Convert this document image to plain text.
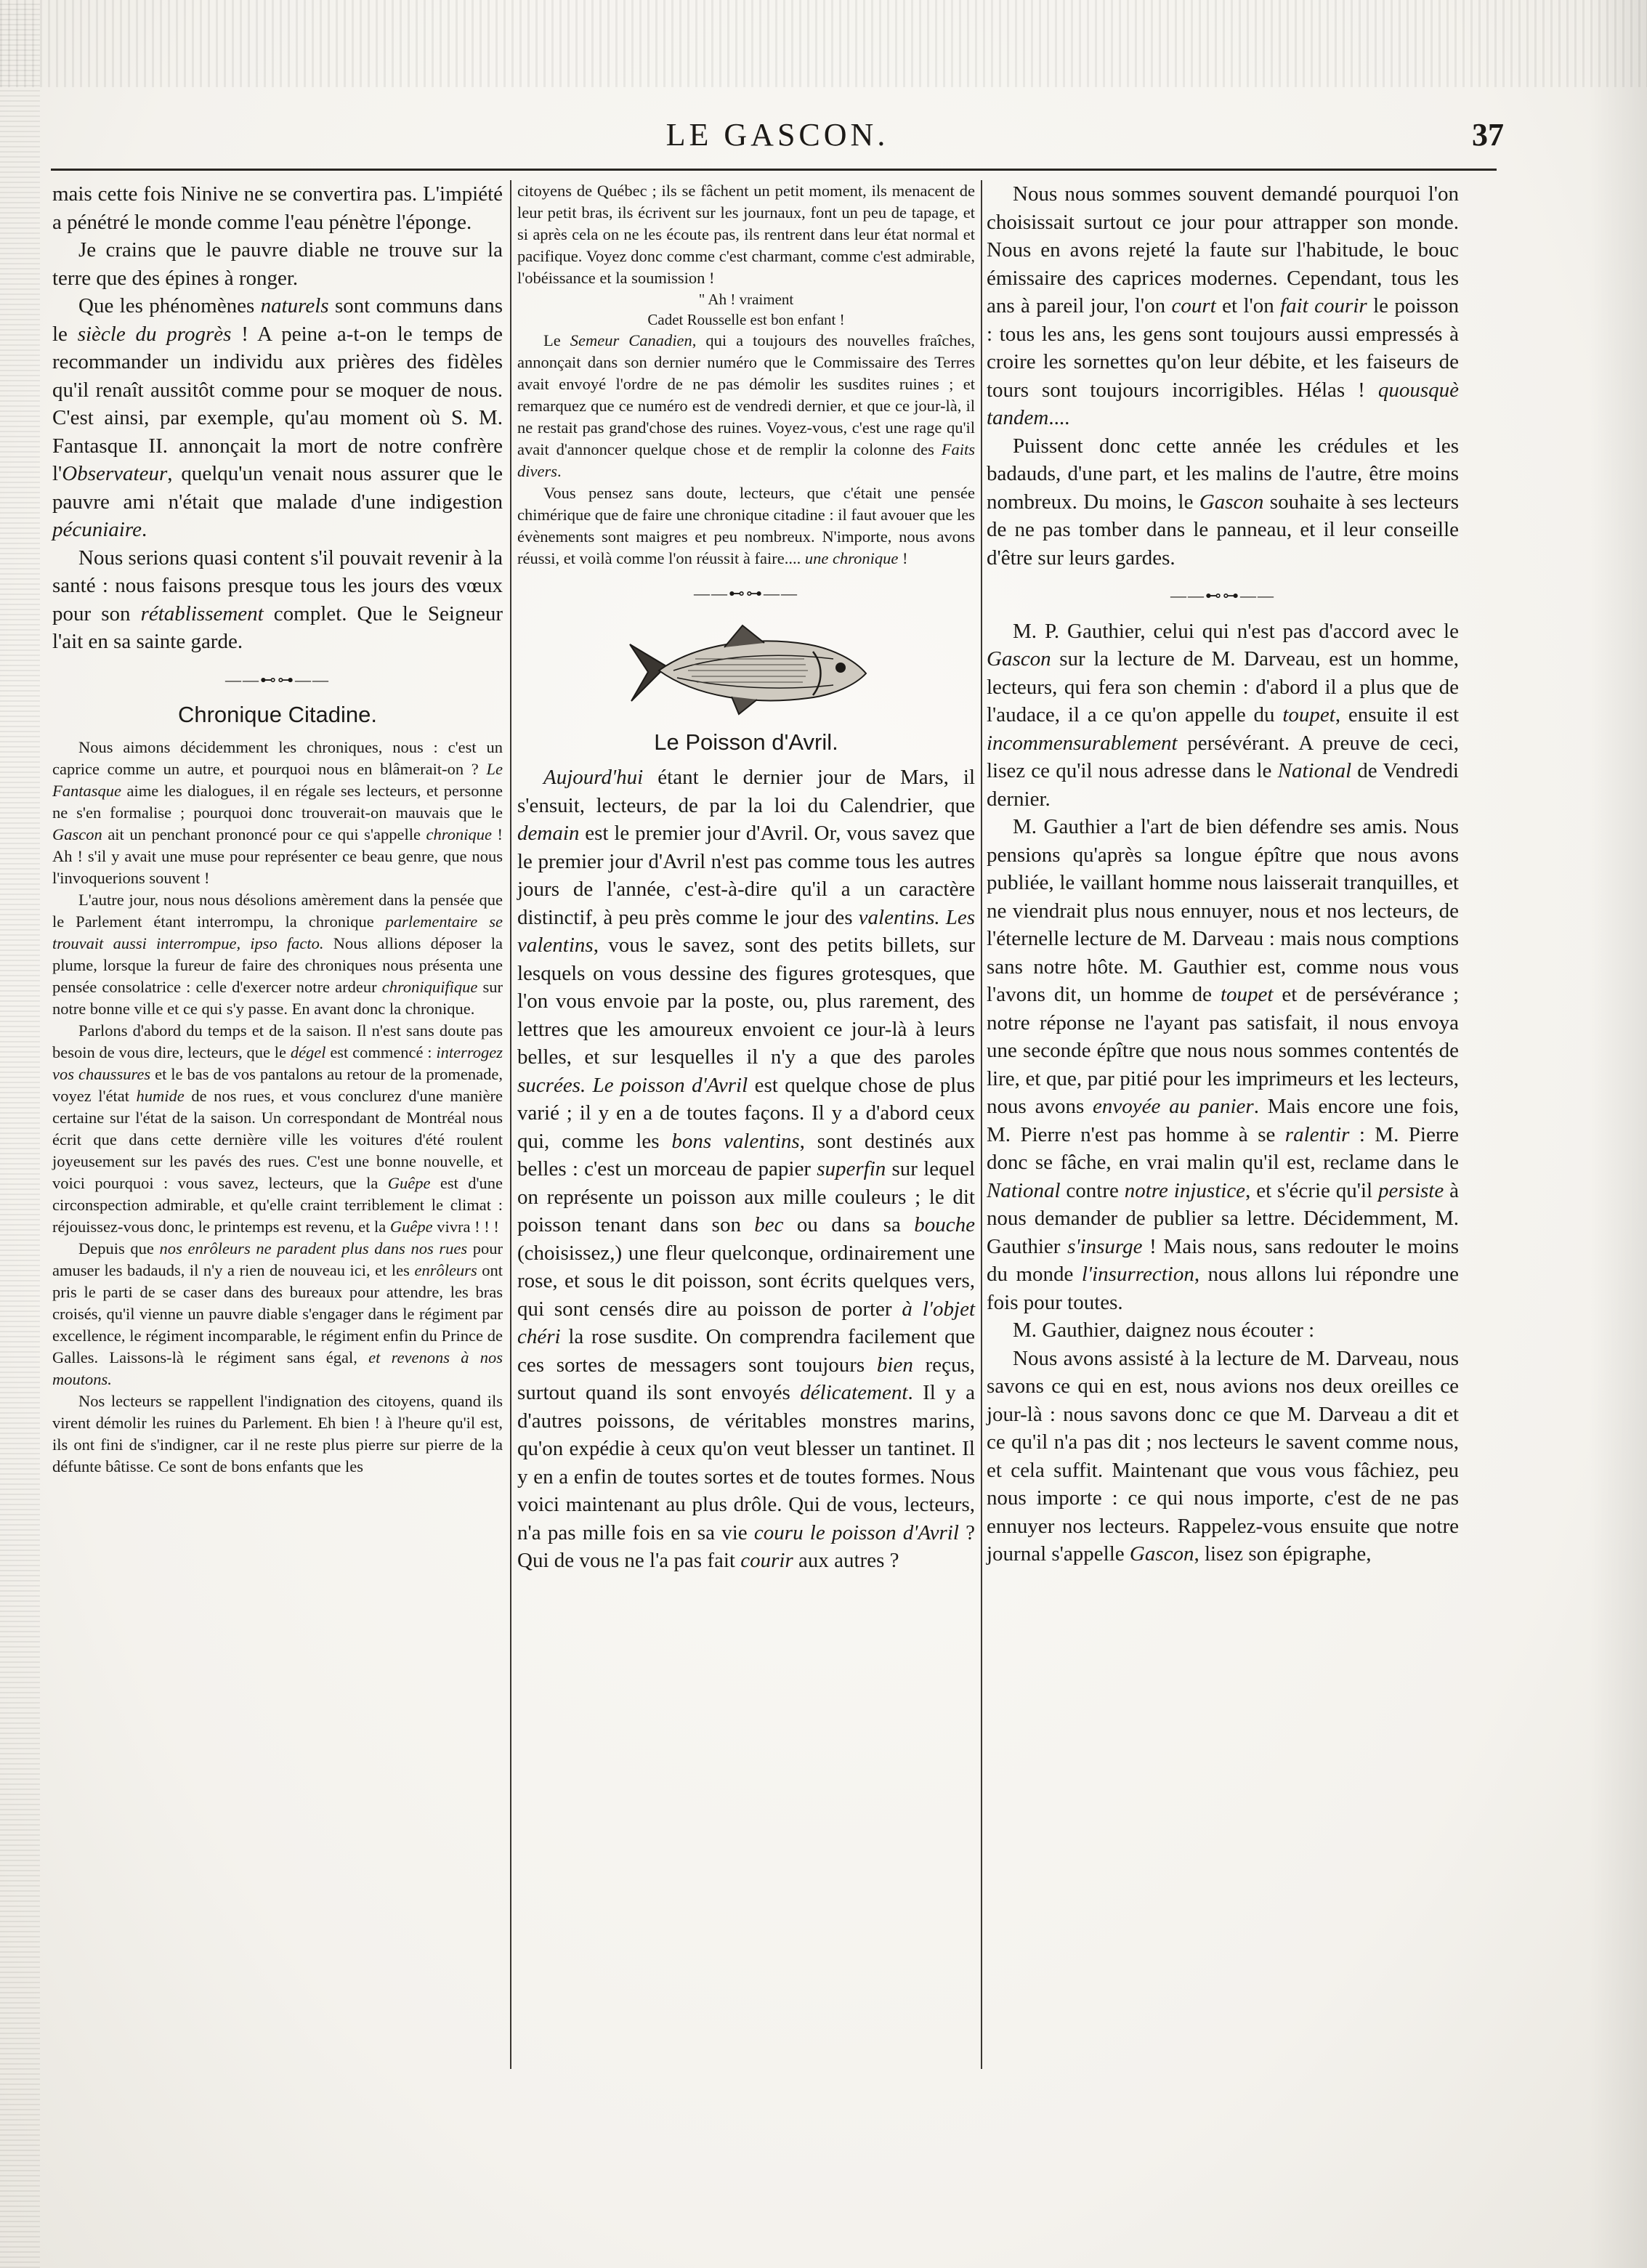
LE GASCON.	37

mais cette fois Ninive ne se convertira pas. L'impiété a pénétré le monde comme l'eau pénètre l'éponge.

Je crains que le pauvre diable ne trouve sur la terre que des épines à ronger.

Que les phénomènes naturels sont communs dans le siècle du progrès ! A peine a-t-on le temps de recommander un individu aux prières des fidèles qu'il renaît aussitôt comme pour se moquer de nous. C'est ainsi, par exemple, qu'au moment où S. M. Fantasque II. annonçait la mort de notre confrère l'Observateur, quelqu'un venait nous assurer que le pauvre ami n'était que malade d'une indigestion pécuniaire.

Nous serions quasi content s'il pouvait revenir à la santé : nous faisons presque tous les jours des vœux pour son rétablissement complet. Que le Seigneur l'ait en sa sainte garde.

——⊷⊶——
Chronique Citadine.

Nous aimons décidemment les chroniques, nous : c'est un caprice comme un autre, et pourquoi nous en blâmerait-on ? Le Fantasque aime les dialogues, il en régale ses lecteurs, et personne ne s'en formalise ; pourquoi donc trouverait-on mauvais que le Gascon ait un penchant prononcé pour ce qui s'appelle chronique ! Ah ! s'il y avait une muse pour représenter ce beau genre, que nous l'invoquerions souvent !

L'autre jour, nous nous désolions amèrement dans la pensée que le Parlement étant interrompu, la chronique parlementaire se trouvait aussi interrompue, ipso facto. Nous allions déposer la plume, lorsque la fureur de faire des chroniques nous présenta une pensée consolatrice : celle d'exercer notre ardeur chroniquifique sur notre bonne ville et ce qui s'y passe. En avant donc la chronique.

Parlons d'abord du temps et de la saison. Il n'est sans doute pas besoin de vous dire, lecteurs, que le dégel est commencé : interrogez vos chaussures et le bas de vos pantalons au retour de la promenade, voyez l'état humide de nos rues, et vous conclurez d'une manière certaine sur l'état de la saison. Un correspondant de Montréal nous écrit que dans cette dernière ville les voitures d'été roulent joyeusement sur les pavés des rues. C'est une bonne nouvelle, et voici pourquoi : vous savez, lecteurs, que la Guêpe est d'une circonspection admirable, et qu'elle craint terriblement le climat : réjouissez-vous donc, le printemps est revenu, et la Guêpe vivra ! ! !

Depuis que nos enrôleurs ne paradent plus dans nos rues pour amuser les badauds, il n'y a rien de nouveau ici, et les enrôleurs ont pris le parti de se caser dans des bureaux pour attendre, les bras croisés, qu'il vienne un pauvre diable s'engager dans le régiment par excellence, le régiment incomparable, le régiment enfin du Prince de Galles. Laissons-là le régiment sans égal, et revenons à nos moutons.

Nos lecteurs se rappellent l'indignation des citoyens, quand ils virent démolir les ruines du Parlement. Eh bien ! à l'heure qu'il est, ils ont fini de s'indigner, car il ne reste plus pierre sur pierre de la défunte bâtisse. Ce sont de bons enfants que les

citoyens de Québec ; ils se fâchent un petit moment, ils menacent de leur petit bras, ils écrivent sur les journaux, font un peu de tapage, et si après cela on ne les écoute pas, ils rentrent dans leur état normal et pacifique. Voyez donc comme c'est charmant, comme c'est admirable, l'obéissance et la soumission !

" Ah ! vraiment
Cadet Rousselle est bon enfant !

Le Semeur Canadien, qui a toujours des nouvelles fraîches, annonçait dans son dernier numéro que le Commissaire des Terres avait envoyé l'ordre de ne pas démolir les susdites ruines ; et remarquez que ce numéro est de vendredi dernier, et que ce jour-là, il ne restait pas grand'chose des ruines. Voyez-vous, c'est une rage qu'il avait d'annoncer quelque chose et de remplir la colonne des Faits divers.

Vous pensez sans doute, lecteurs, que c'était une pensée chimérique que de faire une chronique citadine : il faut avouer que les évènements sont maigres et peu nombreux. N'importe, nous avons réussi, et voilà comme l'on réussit à faire.... une chronique !

——⊷⊶——
Le Poisson d'Avril.

Aujourd'hui étant le dernier jour de Mars, il s'ensuit, lecteurs, de par la loi du Calendrier, que demain est le premier jour d'Avril. Or, vous savez que le premier jour d'Avril n'est pas comme tous les autres jours de l'année, c'est-à-dire qu'il a un caractère distinctif, à peu près comme le jour des valentins. Les valentins, vous le savez, sont des petits billets, sur lesquels on vous dessine des figures grotesques, que l'on vous envoie par la poste, ou, plus rarement, des lettres que les amoureux envoient ce jour-là à leurs belles, et sur lesquelles il n'y a que des paroles sucrées. Le poisson d'Avril est quelque chose de plus varié ; il y en a de toutes façons. Il y a d'abord ceux qui, comme les bons valentins, sont destinés aux belles : c'est un morceau de papier superfin sur lequel on représente un poisson aux mille couleurs ; le dit poisson tenant dans son bec ou dans sa bouche (choisissez,) une fleur quelconque, ordinairement une rose, et sous le dit poisson, sont écrits quelques vers, qui sont censés dire au poisson de porter à l'objet chéri la rose susdite. On comprendra facilement que ces sortes de messagers sont toujours bien reçus, surtout quand ils sont envoyés délicatement. Il y a d'autres poissons, de véritables monstres marins, qu'on expédie à ceux qu'on veut blesser un tantinet. Il y en a enfin de toutes sortes et de toutes formes. Nous voici maintenant au plus drôle. Qui de vous, lecteurs, n'a pas mille fois en sa vie couru le poisson d'Avril ? Qui de vous ne l'a pas fait courir aux autres ?

Nous nous sommes souvent demandé pourquoi l'on choisissait surtout ce jour pour attrapper son monde. Nous en avons rejeté la faute sur l'habitude, le bouc émissaire des caprices modernes. Cependant, tous les ans à pareil jour, l'on court et l'on fait courir le poisson : tous les ans, les gens sont toujours aussi empressés à croire les sornettes qu'on leur débite, et les faiseurs de tours sont toujours incorrigibles. Hélas ! quousquè tandem....

Puissent donc cette année les crédules et les badauds, d'une part, et les malins de l'autre, être moins nombreux. Du moins, le Gascon souhaite à ses lecteurs de ne pas tomber dans le panneau, et il leur conseille d'être sur leurs gardes.

——⊷⊶——

M. P. Gauthier, celui qui n'est pas d'accord avec le Gascon sur la lecture de M. Darveau, est un homme, lecteurs, qui fera son chemin : d'abord il a plus que de l'audace, il a ce qu'on appelle du toupet, ensuite il est incommensurablement persévérant. A preuve de ceci, lisez ce qu'il nous adresse dans le National de Vendredi dernier.

M. Gauthier a l'art de bien défendre ses amis. Nous pensions qu'après sa longue épître que nous avons publiée, le vaillant homme nous laisserait tranquilles, et ne viendrait plus nous ennuyer, nous et nos lecteurs, de l'éternelle lecture de M. Darveau : mais nous comptions sans notre hôte. M. Gauthier est, comme nous vous l'avons dit, un homme de toupet et de persévérance ; notre réponse ne l'ayant pas satisfait, il nous envoya une seconde épître que nous nous sommes contentés de lire, et que, par pitié pour les imprimeurs et les lecteurs, nous avons envoyée au panier. Mais encore une fois, M. Pierre n'est pas homme à se ralentir : M. Pierre donc se fâche, en vrai malin qu'il est, reclame dans le National contre notre injustice, et s'écrie qu'il persiste à nous demander de publier sa lettre. Décidemment, M. Gauthier s'insurge ! Mais nous, sans redouter le moins du monde l'insurrection, nous allons lui répondre une fois pour toutes.

M. Gauthier, daignez nous écouter :

Nous avons assisté à la lecture de M. Darveau, nous savons ce qui en est, nous avions nos deux oreilles ce jour-là : nous savons donc ce que M. Darveau a dit et ce qu'il n'a pas dit ; nos lecteurs le savent comme nous, et cela suffit. Maintenant que vous vous fâchiez, peu nous importe : ce qui nous importe, c'est de ne pas ennuyer nos lecteurs. Rappelez-vous ensuite que notre journal s'appelle Gascon, lisez son épigraphe,
